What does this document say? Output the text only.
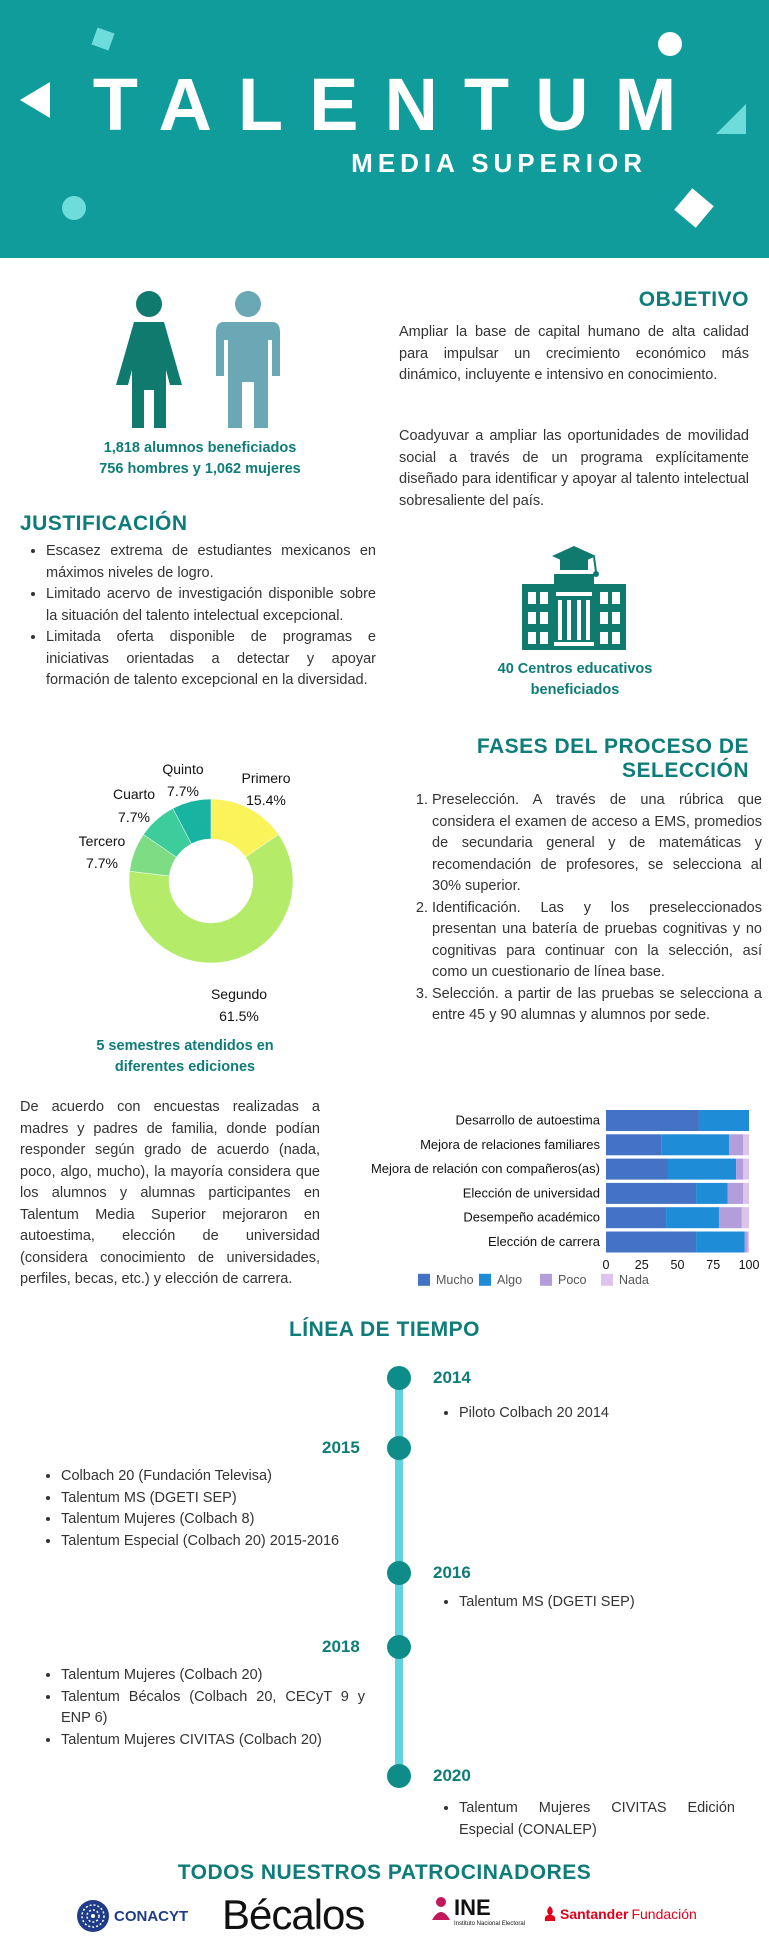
TALENTUM
MEDIA SUPERIOR
1,818 alumnos beneficiados
756 hombres y 1,062 mujeres
OBJETIVO
Ampliar la base de capital humano de alta calidad para impulsar un crecimiento económico más dinámico, incluyente e intensivo en conocimiento.
Coadyuvar a ampliar las oportunidades de movilidad social a través de un programa explícitamente diseñado para identificar y apoyar al talento intelectual sobresaliente del país.
JUSTIFICACIÓN
• Escasez extrema de estudiantes mexicanos en máximos niveles de logro.
• Limitado acervo de investigación disponible sobre la situación del talento intelectual excepcional.
• Limitada oferta disponible de programas e iniciativas orientadas a detectar y apoyar formación de talento excepcional en la diversidad.
40 Centros educativos
beneficiados
Primero
15.4%
Segundo
61.5%
Tercero
7.7%
Cuarto
7.7%
Quinto
7.7%
5 semestres atendidos en
diferentes ediciones
FASES DEL PROCESO DE
SELECCIÓN
1. Preselección. A través de una rúbrica que considera el examen de acceso a EMS, promedios de secundaria general y de matemáticas y recomendación de profesores, se selecciona al 30% superior.
2. Identificación. Las y los preseleccionados presentan una batería de pruebas cognitivas y no cognitivas para continuar con la selección, así como un cuestionario de línea base.
3. Selección. a partir de las pruebas se selecciona a entre 45 y 90 alumnas y alumnos por sede.
De acuerdo con encuestas realizadas a madres y padres de familia, donde podían responder según grado de acuerdo (nada, poco, algo, mucho), la mayoría considera que los alumnos y alumnas participantes en Talentum Media Superior mejoraron en autoestima, elección de universidad (considera conocimiento de universidades, perfiles, becas, etc.) y elección de carrera.
Desarrollo de autoestima
Mejora de relaciones familiares
Mejora de relación con compañeros(as)
Elección de universidad
Desempeño académico
Elección de carrera
0 25 50 75 100
Mucho Algo	Poco	Nada
LÍNEA DE TIEMPO
2014
• Piloto Colbach 20 2014
2015
• Colbach 20 (Fundación Televisa)
• Talentum MS (DGETI SEP)
• Talentum Mujeres (Colbach 8)
• Talentum Especial (Colbach 20) 2015-2016
2016
• Talentum MS (DGETI SEP)
2018
• Talentum Mujeres (Colbach 20)
• Talentum Bécalos (Colbach 20, CECyT 9 y ENP 6)
• Talentum Mujeres CIVITAS (Colbach 20)
2020
• Talentum Mujeres CIVITAS Edición Especial (CONALEP)
TODOS NUESTROS PATROCINADORES
CONACYT Bécalos	INE
Instituto Nacional Electoral
Santander Fundación
